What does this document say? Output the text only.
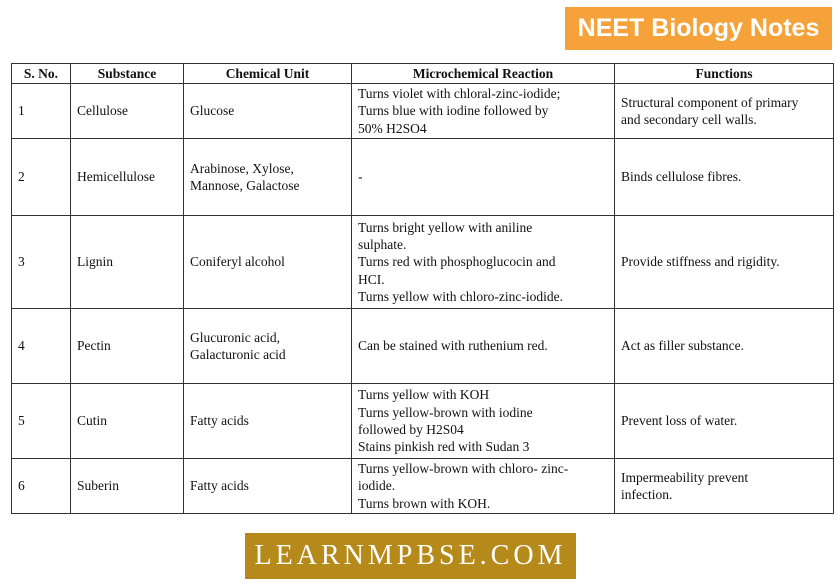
NEET Biology Notes
S. No.	Substance	Chemical Unit	Microchemical Reaction	Functions
1	Cellulose	Glucose	Turns violet with chloral-zinc-iodide;
Turns blue with iodine followed by
50% H2SO4	Structural component of primary
and secondary cell walls.

2	Hemicellulose	Arabinose, Xylose,
Mannose, Galactose	-	Binds cellulose fibres.

3	Lignin	Coniferyl alcohol	Turns bright yellow with aniline
sulphate.
Turns red with phosphoglucocin and
HCI.
Turns yellow with chloro-zinc-iodide.	Provide stiffness and rigidity.

4	Pectin	Glucuronic acid,
Galacturonic acid	Can be stained with ruthenium red.	Act as filler substance.

5	Cutin	Fatty acids	Turns yellow with KOH
Turns yellow-brown with iodine
followed by H2S04
Stains pinkish red with Sudan 3	Prevent loss of water.

6	Suberin	Fatty acids	Turns yellow-brown with chloro- zinc-
iodide.
Turns brown with KOH.	Impermeability prevent
infection.
LEARNMPBSE.COM
